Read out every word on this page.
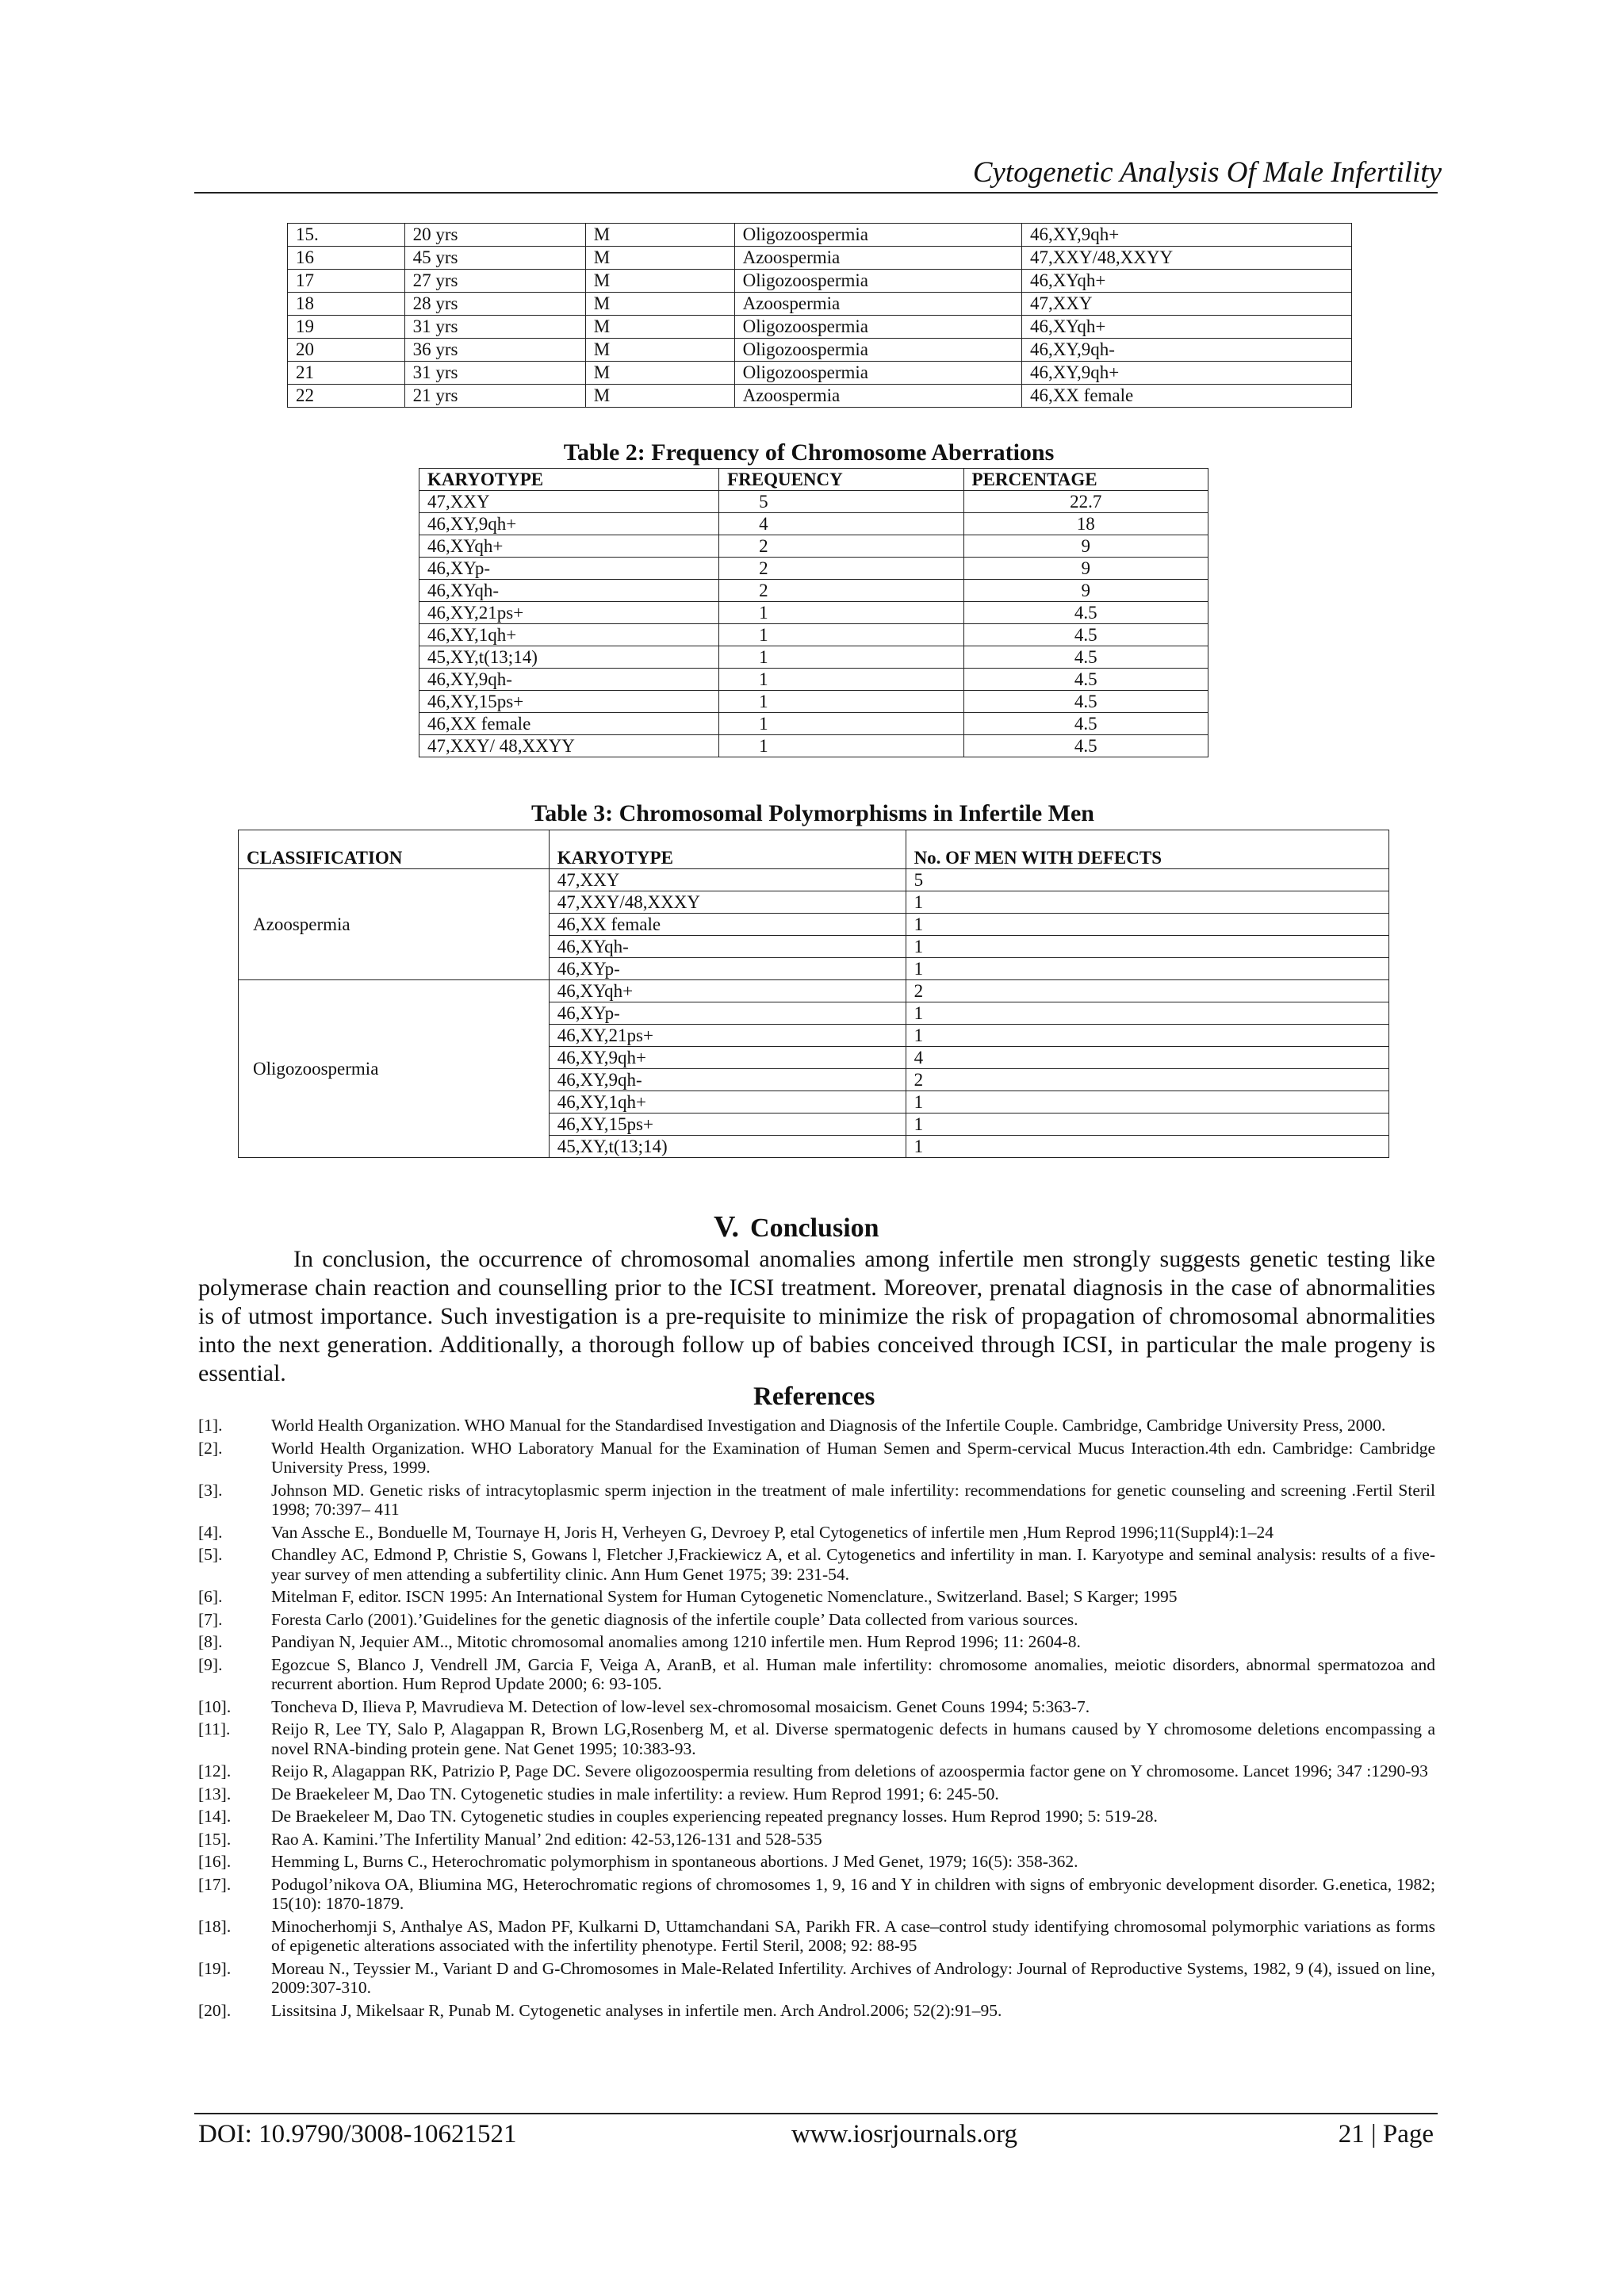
Cytogenetic Analysis Of Male Infertility
15.	20 yrs	M	Oligozoospermia	46,XY,9qh+
16	45 yrs	M	Azoospermia	47,XXY/48,XXYY
17	27 yrs	M	Oligozoospermia	46,XYqh+
18	28 yrs	M	Azoospermia	47,XXY
19	31 yrs	M	Oligozoospermia	46,XYqh+
20	36 yrs	M	Oligozoospermia	46,XY,9qh-
21	31 yrs	M	Oligozoospermia	46,XY,9qh+
22	21 yrs	M	Azoospermia	46,XX female
Table 2: Frequency of Chromosome Aberrations
KARYOTYPE	FREQUENCY	PERCENTAGE
47,XXY	5	22.7
46,XY,9qh+	4	18
46,XYqh+	2	9
46,XYp-	2	9
46,XYqh-	2	9
46,XY,21ps+	1	4.5
46,XY,1qh+	1	4.5
45,XY,t(13;14)	1	4.5
46,XY,9qh-	1	4.5
46,XY,15ps+	1	4.5
46,XX female	1	4.5
47,XXY/ 48,XXYY	1	4.5
Table 3: Chromosomal Polymorphisms in Infertile Men
CLASSIFICATION	KARYOTYPE	No. OF MEN WITH DEFECTS
Azoospermia	47,XXY	5
	47,XXY/48,XXXY	1
	46,XX female	1
	46,XYqh-	1
	46,XYp-	1
Oligozoospermia	46,XYqh+	2
	46,XYp-	1
	46,XY,21ps+	1
	46,XY,9qh+	4
	46,XY,9qh-	2
	46,XY,1qh+	1
	46,XY,15ps+	1
	45,XY,t(13;14)	1
V. Conclusion
In conclusion, the occurrence of chromosomal anomalies among infertile men strongly suggests genetic testing like polymerase chain reaction and counselling prior to the ICSI treatment. Moreover, prenatal diagnosis in the case of abnormalities is of utmost importance. Such investigation is a pre-requisite to minimize the risk of propagation of chromosomal abnormalities into the next generation. Additionally, a thorough follow up of babies conceived through ICSI, in particular the male progeny is essential.
References
[1].	World Health Organization. WHO Manual for the Standardised Investigation and Diagnosis of the Infertile Couple. Cambridge, Cambridge University Press, 2000.
[2].	World Health Organization. WHO Laboratory Manual for the Examination of Human Semen and Sperm-cervical Mucus Interaction.4th edn. Cambridge: Cambridge University Press, 1999.
[3].	Johnson MD. Genetic risks of intracytoplasmic sperm injection in the treatment of male infertility: recommendations for genetic counseling and screening .Fertil Steril 1998; 70:397– 411
[4].	Van Assche E., Bonduelle M, Tournaye H, Joris H, Verheyen G, Devroey P, etal Cytogenetics of infertile men ,Hum Reprod 1996;11(Suppl4):1–24
[5].	Chandley AC, Edmond P, Christie S, Gowans l, Fletcher J,Frackiewicz A, et al. Cytogenetics and infertility in man. I. Karyotype and seminal analysis: results of a five-year survey of men attending a subfertility clinic. Ann Hum Genet 1975; 39: 231-54.
[6].	Mitelman F, editor. ISCN 1995: An International System for Human Cytogenetic Nomenclature., Switzerland. Basel; S Karger; 1995
[7].	Foresta Carlo (2001).’Guidelines for the genetic diagnosis of the infertile couple’ Data collected from various sources.
[8].	Pandiyan N, Jequier AM.., Mitotic chromosomal anomalies among 1210 infertile men. Hum Reprod 1996; 11: 2604-8.
[9].	Egozcue S, Blanco J, Vendrell JM, Garcia F, Veiga A, AranB, et al. Human male infertility: chromosome anomalies, meiotic disorders, abnormal spermatozoa and recurrent abortion. Hum Reprod Update 2000; 6: 93-105.
[10].	Toncheva D, Ilieva P, Mavrudieva M. Detection of low-level sex-chromosomal mosaicism. Genet Couns 1994; 5:363-7.
[11].	Reijo R, Lee TY, Salo P, Alagappan R, Brown LG,Rosenberg M, et al. Diverse spermatogenic defects in humans caused by Y chromosome deletions encompassing a novel RNA-binding protein gene. Nat Genet 1995; 10:383-93.
[12].	Reijo R, Alagappan RK, Patrizio P, Page DC. Severe oligozoospermia resulting from deletions of azoospermia factor gene on Y chromosome. Lancet 1996; 347 :1290-93
[13].	De Braekeleer M, Dao TN. Cytogenetic studies in male infertility: a review. Hum Reprod 1991; 6: 245-50.
[14].	De Braekeleer M, Dao TN. Cytogenetic studies in couples experiencing repeated pregnancy losses. Hum Reprod 1990; 5: 519-28.
[15].	Rao A. Kamini.’The Infertility Manual’ 2nd edition: 42-53,126-131 and 528-535
[16].	Hemming L, Burns C., Heterochromatic polymorphism in spontaneous abortions. J Med Genet, 1979; 16(5): 358-362.
[17].	Podugol’nikova OA, Bliumina MG, Heterochromatic regions of chromosomes 1, 9, 16 and Y in children with signs of embryonic development disorder. G.enetica, 1982; 15(10): 1870-1879.
[18].	Minocherhomji S, Anthalye AS, Madon PF, Kulkarni D, Uttamchandani SA, Parikh FR. A case–control study identifying chromosomal polymorphic variations as forms of epigenetic alterations associated with the infertility phenotype. Fertil Steril, 2008; 92: 88-95
[19].	Moreau N., Teyssier M., Variant D and G-Chromosomes in Male-Related Infertility. Archives of Andrology: Journal of Reproductive Systems, 1982, 9 (4), issued on line, 2009:307-310.
[20].	Lissitsina J, Mikelsaar R, Punab M. Cytogenetic analyses in infertile men. Arch Androl.2006; 52(2):91–95.
DOI: 10.9790/3008-10621521	www.iosrjournals.org	21 | Page
